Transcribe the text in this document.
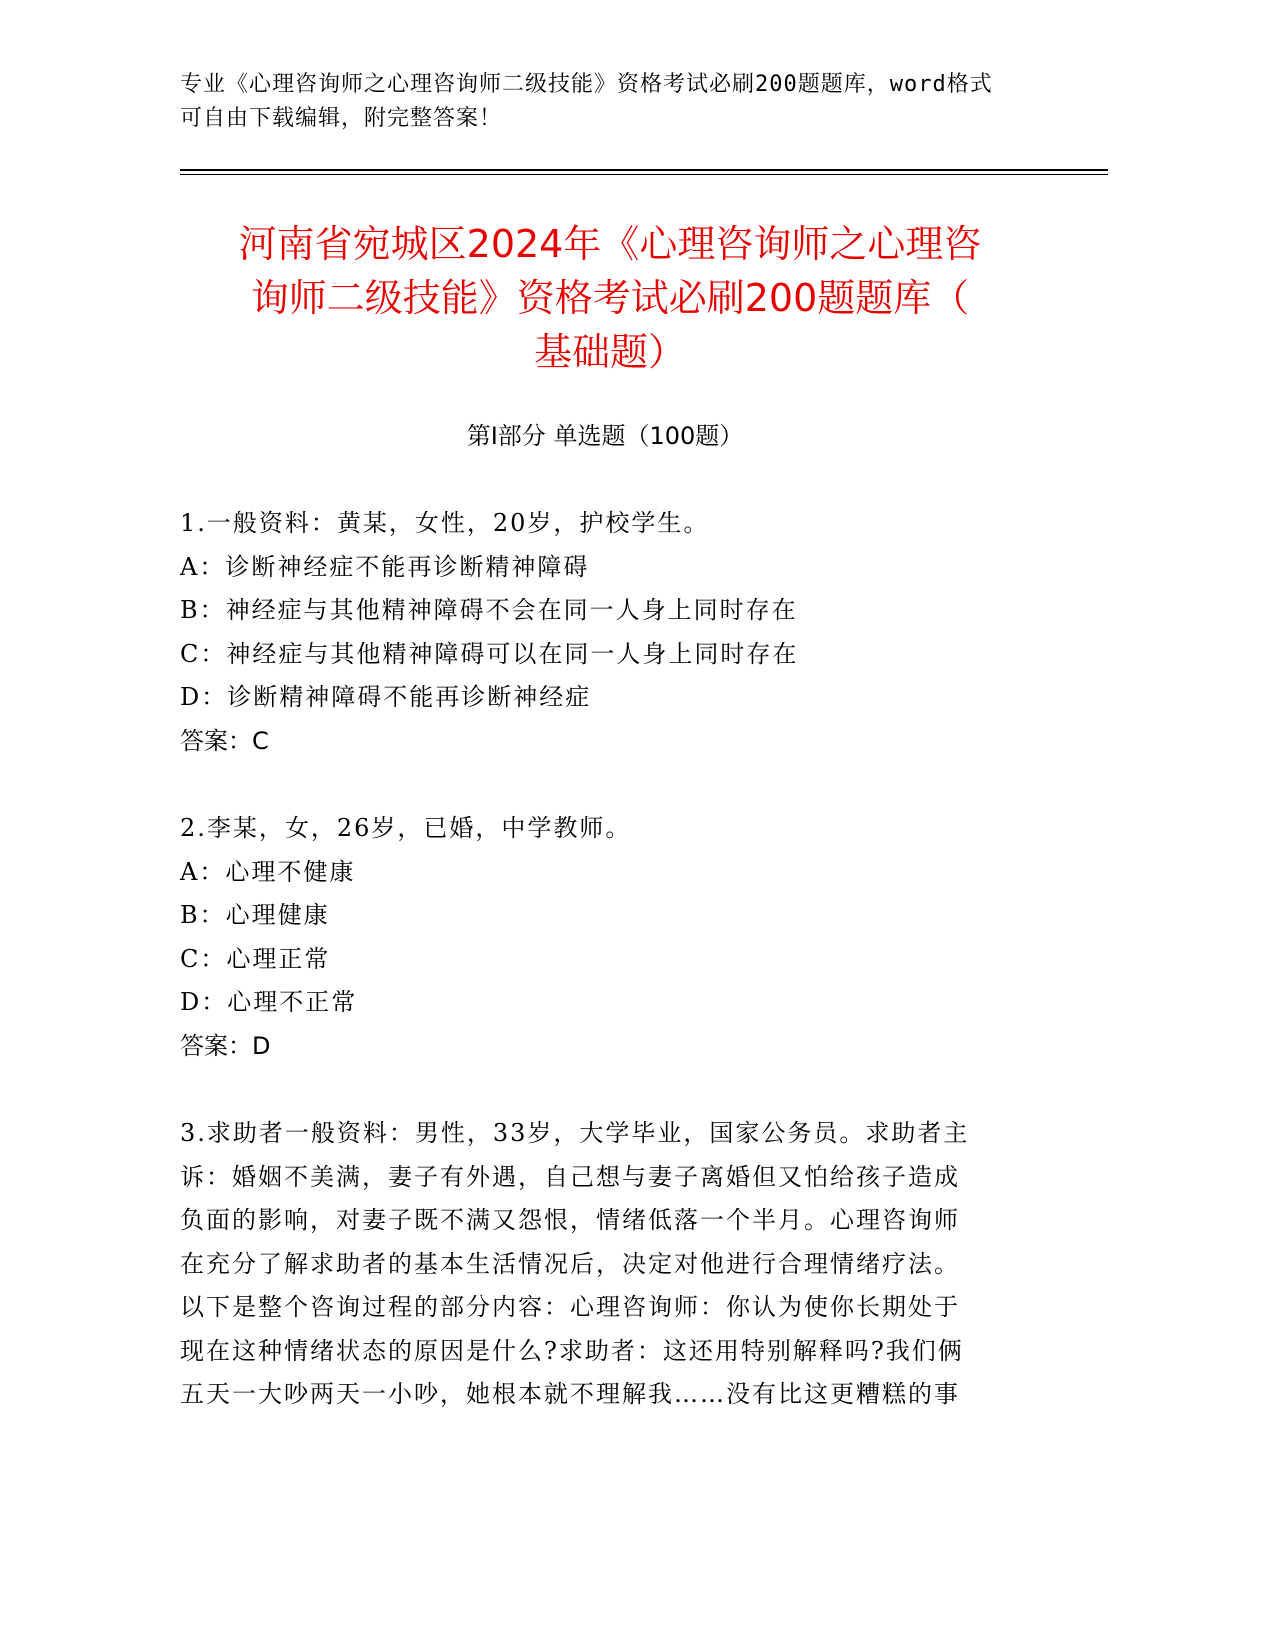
专业《心理咨询师之心理咨询师二级技能》资格考试必刷200题题库，word格式
可自由下载编辑，附完整答案！
河南省宛城区2024年《心理咨询师之心理咨
询师二级技能》资格考试必刷200题题库（
基础题）
第Ⅰ部分 单选题（100题）

1.一般资料：黄某，女性，20岁，护校学生。

A：诊断神经症不能再诊断精神障碍

B：神经症与其他精神障碍不会在同一人身上同时存在

C：神经症与其他精神障碍可以在同一人身上同时存在

D：诊断精神障碍不能再诊断神经症

答案：C

2.李某，女，26岁，已婚，中学教师。

A：心理不健康

B：心理健康

C：心理正常

D：心理不正常

答案：D

3.求助者一般资料：男性，33岁，大学毕业，国家公务员。求助者主

诉：婚姻不美满，妻子有外遇，自己想与妻子离婚但又怕给孩子造成

负面的影响，对妻子既不满又怨恨，情绪低落一个半月。心理咨询师

在充分了解求助者的基本生活情况后，决定对他进行合理情绪疗法。

以下是整个咨询过程的部分内容：心理咨询师：你认为使你长期处于

现在这种情绪状态的原因是什么?求助者：这还用特别解释吗?我们俩

五天一大吵两天一小吵，她根本就不理解我……没有比这更糟糕的事
